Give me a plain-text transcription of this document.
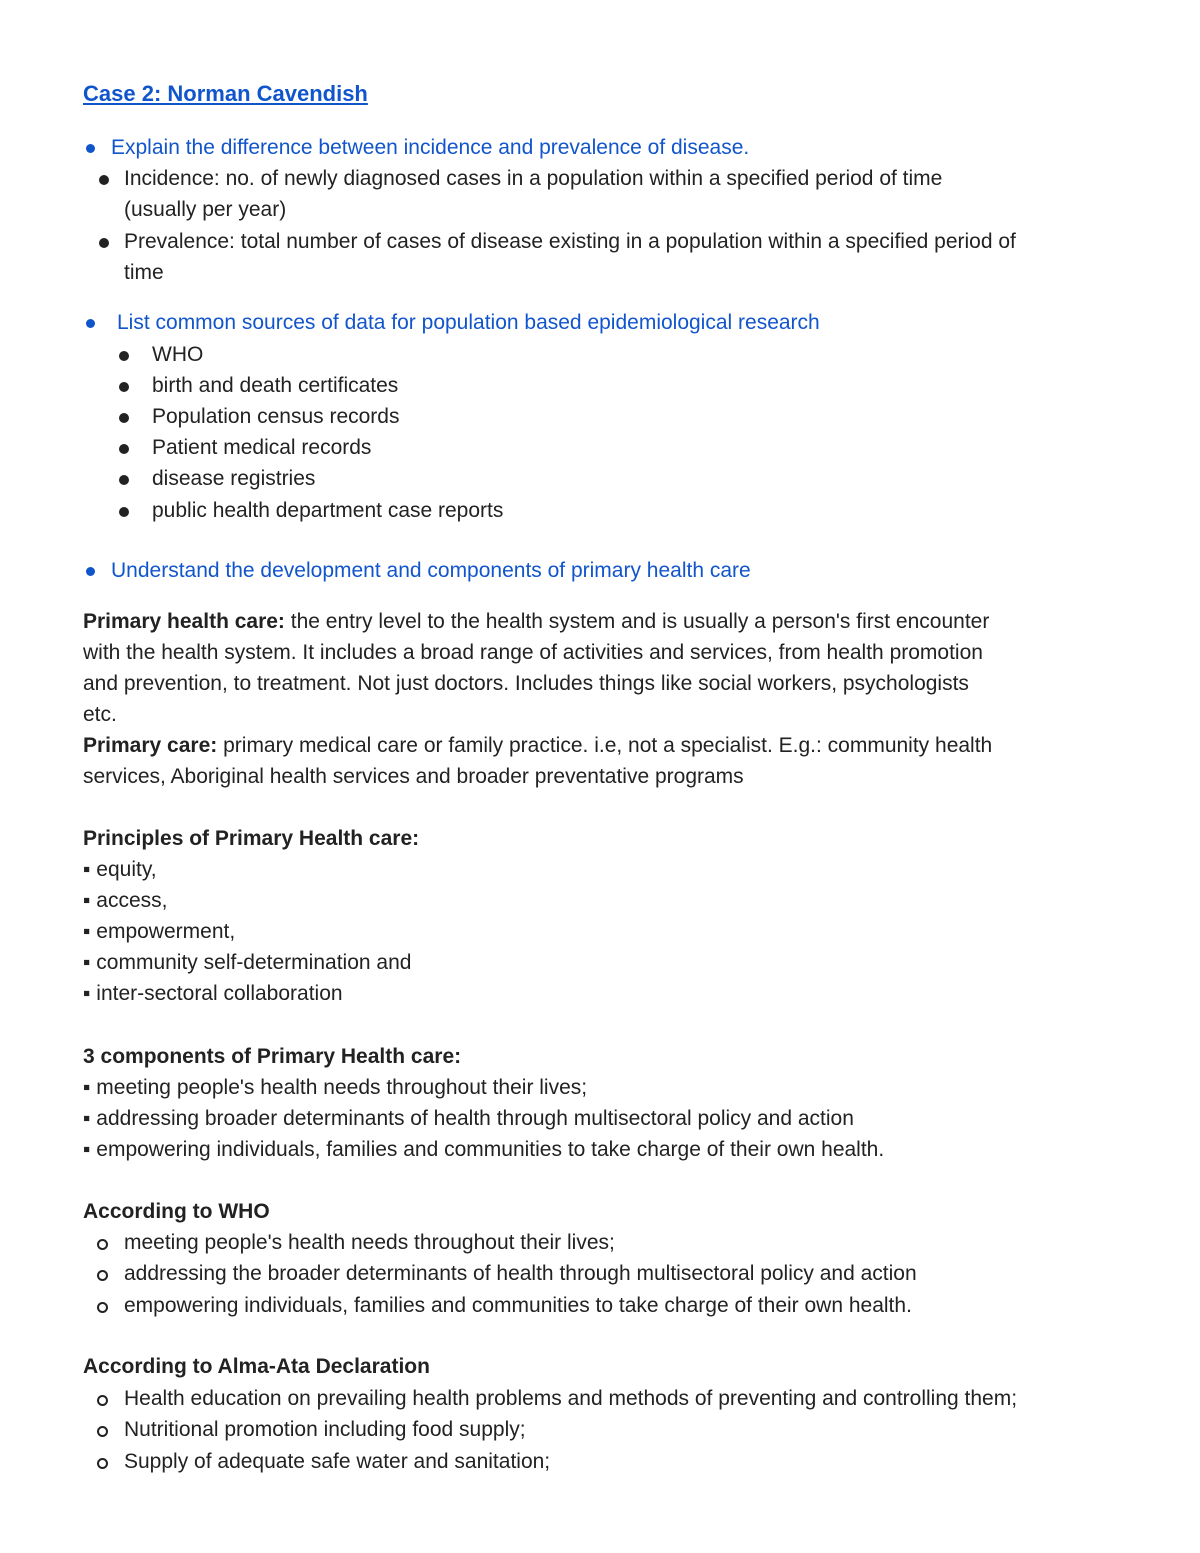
Case 2: Norman Cavendish
Explain the difference between incidence and prevalence of disease.
Incidence: no. of newly diagnosed cases in a population within a specified period of time
(usually per year)
Prevalence: total number of cases of disease existing in a population within a specified period of
time
List common sources of data for population based epidemiological research
WHO
birth and death certificates
Population census records
Patient medical records
disease registries
public health department case reports
Understand the development and components of primary health care
Primary health care: the entry level to the health system and is usually a person's first encounter
with the health system. It includes a broad range of activities and services, from health promotion
and prevention, to treatment. Not just doctors. Includes things like social workers, psychologists
etc.
Primary care: primary medical care or family practice. i.e, not a specialist. E.g.: community health
services, Aboriginal health services and broader preventative programs
Principles of Primary Health care:
▪ equity,
▪ access,
▪ empowerment,
▪ community self-determination and
▪ inter-sectoral collaboration
3 components of Primary Health care:
▪ meeting people's health needs throughout their lives;
▪ addressing broader determinants of health through multisectoral policy and action
▪ empowering individuals, families and communities to take charge of their own health.
According to WHO
meeting people's health needs throughout their lives;
addressing the broader determinants of health through multisectoral policy and action
empowering individuals, families and communities to take charge of their own health.
According to Alma-Ata Declaration
Health education on prevailing health problems and methods of preventing and controlling them;
Nutritional promotion including food supply;
Supply of adequate safe water and sanitation;
